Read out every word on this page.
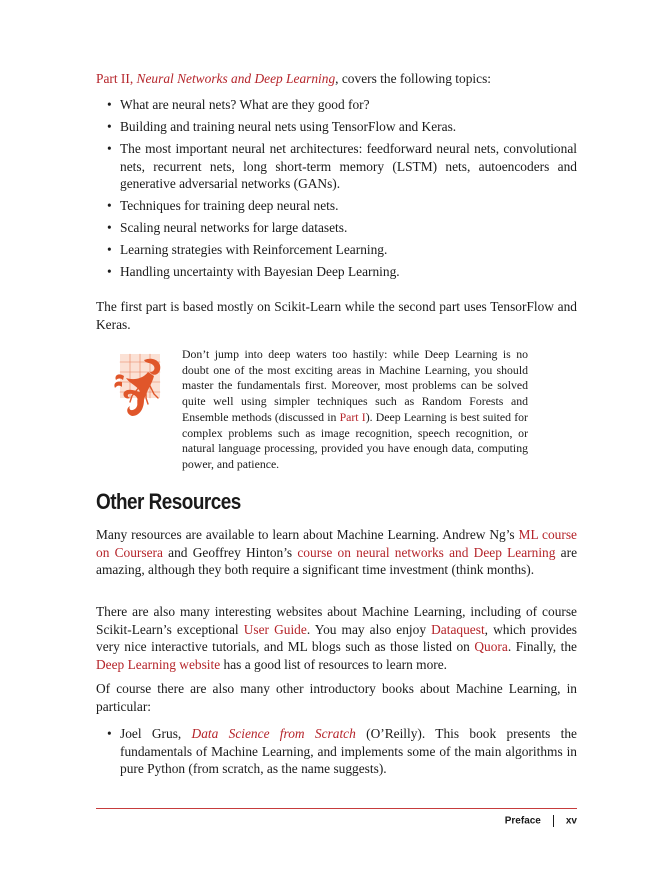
Part II, Neural Networks and Deep Learning, covers the following topics:

• What are neural nets? What are they good for?
• Building and training neural nets using TensorFlow and Keras.
• The most important neural net architectures: feedforward neural nets, convolutional nets, recurrent nets, long short-term memory (LSTM) nets, autoencoders and generative adversarial networks (GANs).
• Techniques for training deep neural nets.
• Scaling neural networks for large datasets.
• Learning strategies with Reinforcement Learning.
• Handling uncertainty with Bayesian Deep Learning.

The first part is based mostly on Scikit-Learn while the second part uses TensorFlow and Keras.

Don’t jump into deep waters too hastily: while Deep Learning is no doubt one of the most exciting areas in Machine Learning, you should master the fundamentals first. Moreover, most problems can be solved quite well using simpler techniques such as Random Forests and Ensemble methods (discussed in Part I). Deep Learning is best suited for complex problems such as image recognition, speech recognition, or natural language processing, provided you have enough data, computing power, and patience.

Other Resources

Many resources are available to learn about Machine Learning. Andrew Ng’s ML course on Coursera and Geoffrey Hinton’s course on neural networks and Deep Learning are amazing, although they both require a significant time investment (think months).

There are also many interesting websites about Machine Learning, including of course Scikit-Learn’s exceptional User Guide. You may also enjoy Dataquest, which provides very nice interactive tutorials, and ML blogs such as those listed on Quora. Finally, the Deep Learning website has a good list of resources to learn more.

Of course there are also many other introductory books about Machine Learning, in particular:

• Joel Grus, Data Science from Scratch (O’Reilly). This book presents the fundamentals of Machine Learning, and implements some of the main algorithms in pure Python (from scratch, as the name suggests).
Preface	xv
